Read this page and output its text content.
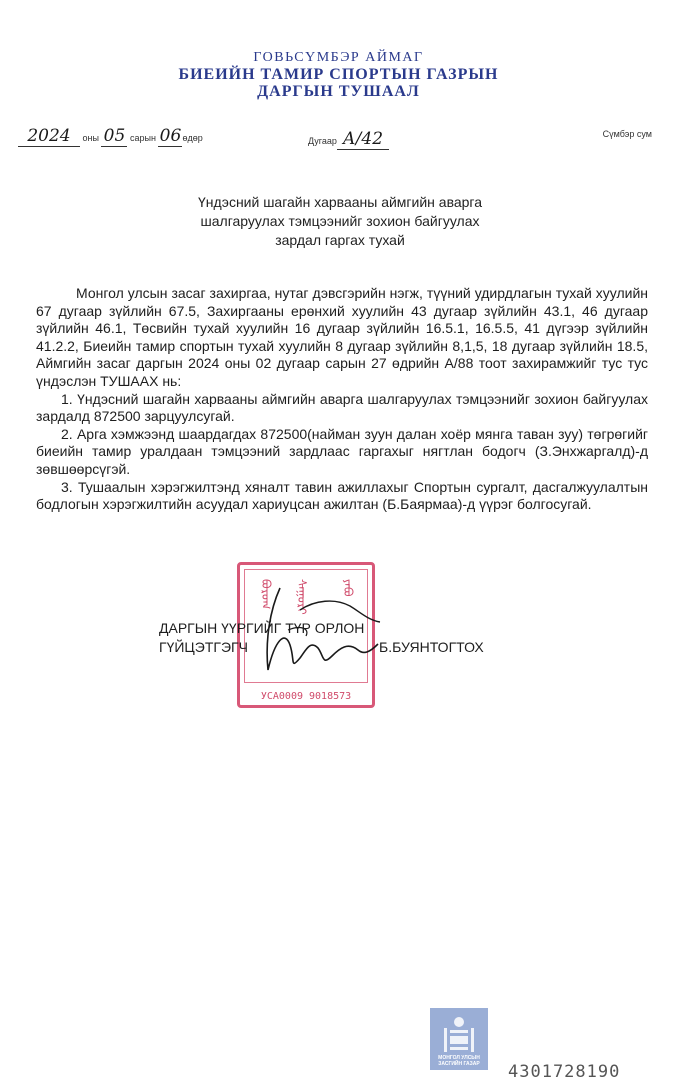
ГОВЬСҮМБЭР АЙМАГ
БИЕИЙН ТАМИР СПОРТЫН ГАЗРЫН
ДАРГЫН ТУШААЛ
2024 оны 05 сарын 06өдөр	Дугаар А/42	Сүмбэр сум
Үндэсний шагайн харвааны аймгийн аварга
шалгаруулах тэмцээнийг зохион байгуулах
зардал гаргах тухай

Монгол улсын засаг захиргаа, нутаг дэвсгэрийн нэгж, түүний удирдлагын тухай хуулийн 67 дугаар зүйлийн 67.5, Захиргааны ерөнхий хуулийн 43 дугаар зүйлийн 43.1, 46 дугаар зүйлийн 46.1, Төсвийн тухай хуулийн 16 дугаар зүйлийн 16.5.1, 16.5.5, 41 дүгээр зүйлийн 41.2.2, Биеийн тамир спортын тухай хуулийн 8 дугаар зүйлийн 8,1,5, 18 дугаар зүйлийн 18.5, Аймгийн засаг даргын 2024 оны 02 дугаар сарын 27 өдрийн А/88 тоот захирамжийг тус тус үндэслэн ТУШААХ нь:

1. Үндэсний шагайн харвааны аймгийн аварга шалгаруулах тэмцээнийг зохион байгуулах зардалд 872500 зарцуулсугай.

2. Арга хэмжээнд шаардагдах 872500(найман зуун далан хоёр мянга таван зуу) төгрөгийг биеийн тамир уралдаан тэмцээний зардлаас гаргахыг нягтлан бодогч (З.Энхжаргалд)-д зөвшөөрсүгэй.

3. Тушаалын хэрэгжилтэнд хяналт тавин ажиллахыг Спортын сургалт, дасгалжуулалтын бодлогын хэрэгжилтийн асуудал хариуцсан ажилтан (Б.Баярмаа)-д үүрэг болгосугай.

ᠪᠣᠷᠤᠭ	ᠰᠠᠭᠤᠷᠢ	ᠶᠠᠪᠤ
УСА0009 9018573
ДАРГЫН ҮҮРГИЙГ ТҮР ОРЛОН
ГҮЙЦЭТГЭГЧ	Б.БУЯНТОГТОХ
МОНГОЛ УЛСЫН
ЗАСГИЙН ГАЗАР	4301728190
